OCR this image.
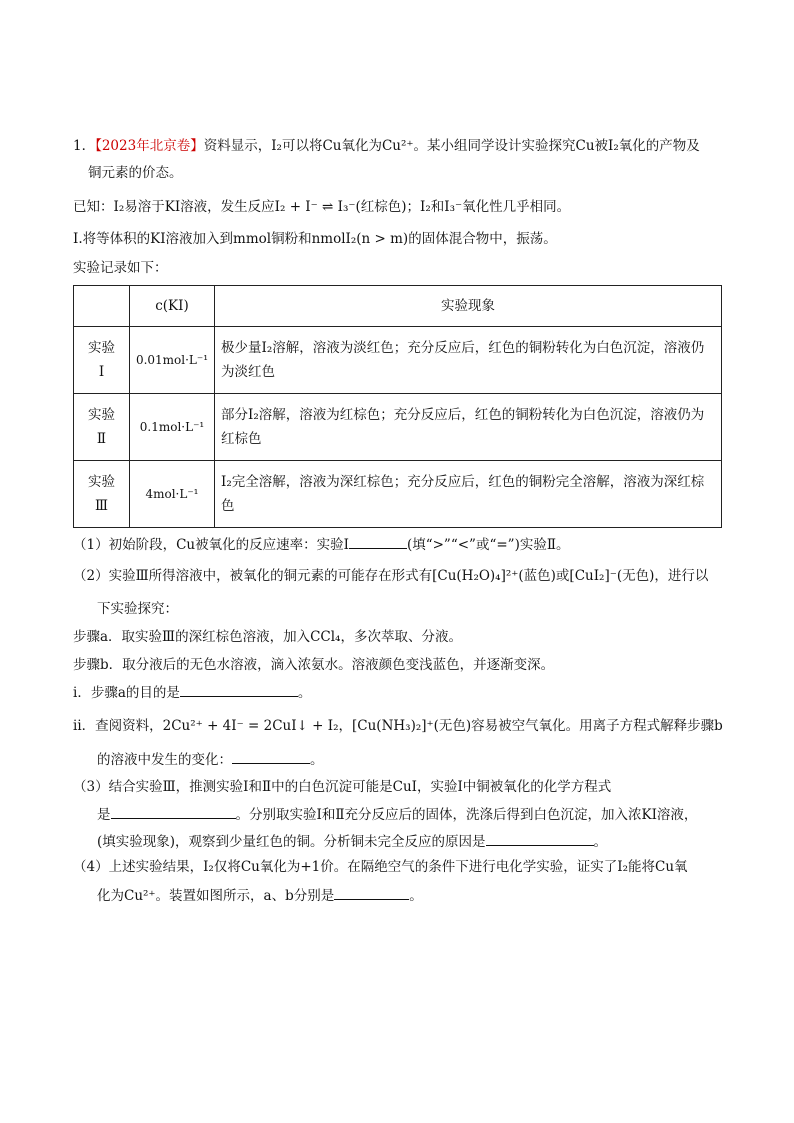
1．【2023年北京卷】资料显示，I₂可以将Cu氧化为Cu²⁺。某小组同学设计实验探究Cu被I₂氧化的产物及
铜元素的价态。
已知：I₂易溶于KI溶液，发生反应I₂ + I⁻ ⇌ I₃⁻(红棕色)；I₂和I₃⁻氧化性几乎相同。
Ⅰ.将等体积的KI溶液加入到mmol铜粉和nmolI₂(n > m)的固体混合物中，振荡。
实验记录如下：
	c(KI)	实验现象

实验
Ⅰ	0.01mol·L⁻¹	极少量I₂溶解，溶液为淡红色；充分反应后，红色的铜粉转化为白色沉淀，溶液仍为淡红色

实验
Ⅱ	0.1mol·L⁻¹	部分I₂溶解，溶液为红棕色；充分反应后，红色的铜粉转化为白色沉淀，溶液仍为红棕色

实验
Ⅲ	4mol·L⁻¹	I₂完全溶解，溶液为深红棕色；充分反应后，红色的铜粉完全溶解，溶液为深红棕色
（1）初始阶段，Cu被氧化的反应速率：实验Ⅰ	(填“>”“<”或“=”)实验Ⅱ。
（2）实验Ⅲ所得溶液中，被氧化的铜元素的可能存在形式有[Cu(H₂O)₄]²⁺(蓝色)或[CuI₂]⁻(无色)，进行以
下实验探究：
步骤a．取实验Ⅲ的深红棕色溶液，加入CCl₄，多次萃取、分液。
步骤b．取分液后的无色水溶液，滴入浓氨水。溶液颜色变浅蓝色，并逐渐变深。
ⅰ．步骤a的目的是	。
ⅱ．查阅资料，2Cu²⁺ + 4I⁻ = 2CuI↓ + I₂，[Cu(NH₃)₂]⁺(无色)容易被空气氧化。用离子方程式解释步骤b
的溶液中发生的变化：	。
（3）结合实验Ⅲ，推测实验Ⅰ和Ⅱ中的白色沉淀可能是CuI，实验Ⅰ中铜被氧化的化学方程式
是	。分别取实验Ⅰ和Ⅱ充分反应后的固体，洗涤后得到白色沉淀，加入浓KI溶液，
(填实验现象)，观察到少量红色的铜。分析铜未完全反应的原因是	。
（4）上述实验结果，I₂仅将Cu氧化为+1价。在隔绝空气的条件下进行电化学实验，证实了I₂能将Cu氧
化为Cu²⁺。装置如图所示，a、b分别是	。
